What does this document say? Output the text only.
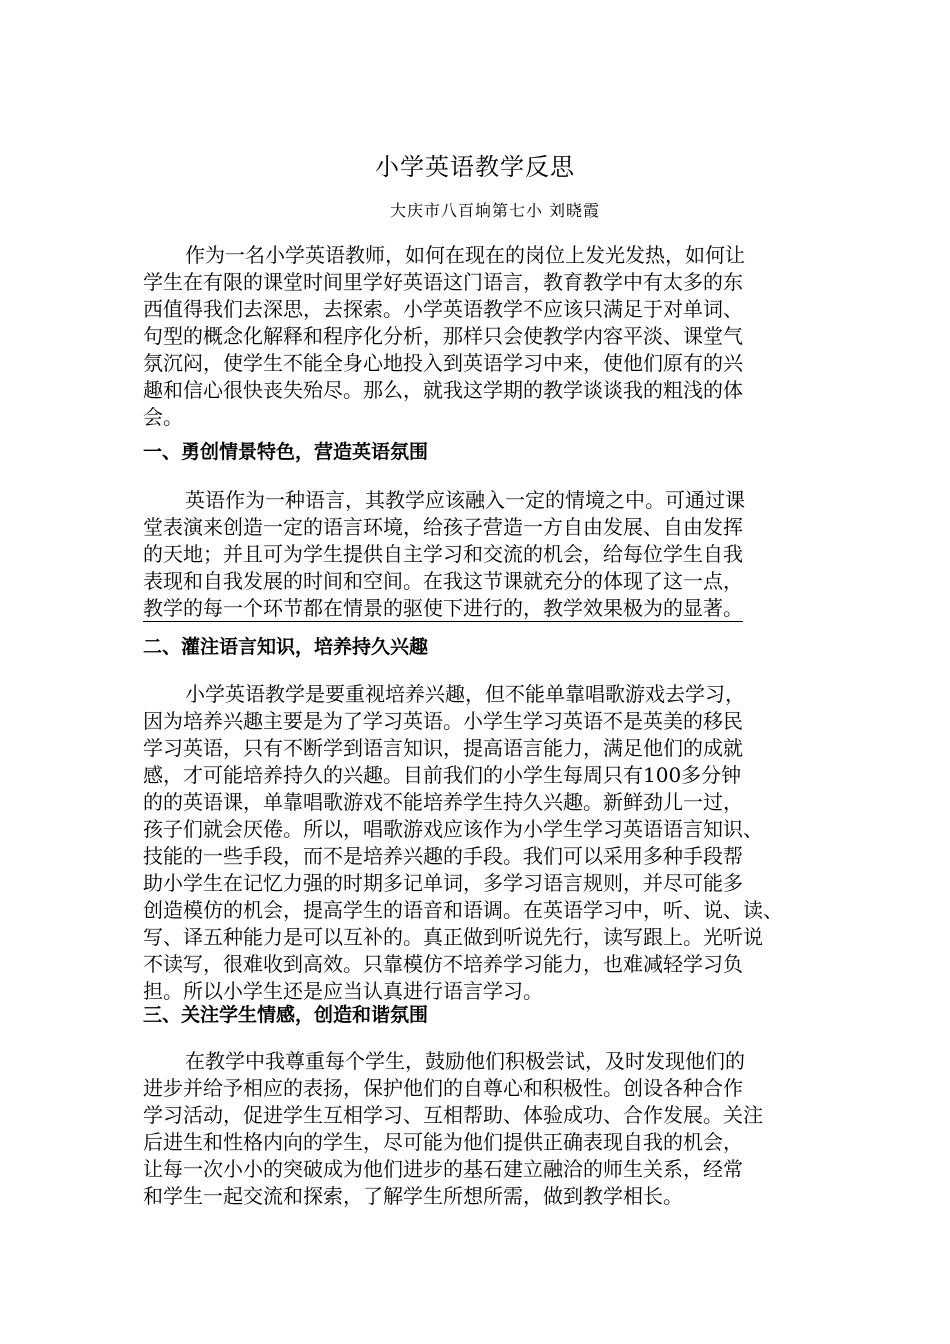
小学英语教学反思
大庆市八百垧第七小 刘晓霞

作为一名小学英语教师，如何在现在的岗位上发光发热，如何让
学生在有限的课堂时间里学好英语这门语言，教育教学中有太多的东
西值得我们去深思，去探索。小学英语教学不应该只满足于对单词、
句型的概念化解释和程序化分析，那样只会使教学内容平淡、课堂气
氛沉闷，使学生不能全身心地投入到英语学习中来，使他们原有的兴
趣和信心很快丧失殆尽。那么，就我这学期的教学谈谈我的粗浅的体
会。

一、勇创情景特色，营造英语氛围

英语作为一种语言，其教学应该融入一定的情境之中。可通过课
堂表演来创造一定的语言环境，给孩子营造一方自由发展、自由发挥
的天地；并且可为学生提供自主学习和交流的机会，给每位学生自我
表现和自我发展的时间和空间。在我这节课就充分的体现了这一点，
教学的每一个环节都在情景的驱使下进行的，教学效果极为的显著。

二、灌注语言知识，培养持久兴趣

小学英语教学是要重视培养兴趣，但不能单靠唱歌游戏去学习，
因为培养兴趣主要是为了学习英语。小学生学习英语不是英美的移民
学习英语，只有不断学到语言知识，提高语言能力，满足他们的成就
感，才可能培养持久的兴趣。目前我们的小学生每周只有100多分钟
的的英语课，单靠唱歌游戏不能培养学生持久兴趣。新鲜劲儿一过，
孩子们就会厌倦。所以，唱歌游戏应该作为小学生学习英语语言知识、
技能的一些手段，而不是培养兴趣的手段。我们可以采用多种手段帮
助小学生在记忆力强的时期多记单词，多学习语言规则，并尽可能多
创造模仿的机会，提高学生的语音和语调。在英语学习中，听、说、读、
写、译五种能力是可以互补的。真正做到听说先行，读写跟上。光听说
不读写，很难收到高效。只靠模仿不培养学习能力，也难减轻学习负
担。所以小学生还是应当认真进行语言学习。

三、关注学生情感，创造和谐氛围

在教学中我尊重每个学生，鼓励他们积极尝试，及时发现他们的
进步并给予相应的表扬，保护他们的自尊心和积极性。创设各种合作
学习活动，促进学生互相学习、互相帮助、体验成功、合作发展。关注
后进生和性格内向的学生，尽可能为他们提供正确表现自我的机会，
让每一次小小的突破成为他们进步的基石建立融洽的师生关系，经常
和学生一起交流和探索，了解学生所想所需，做到教学相长。
